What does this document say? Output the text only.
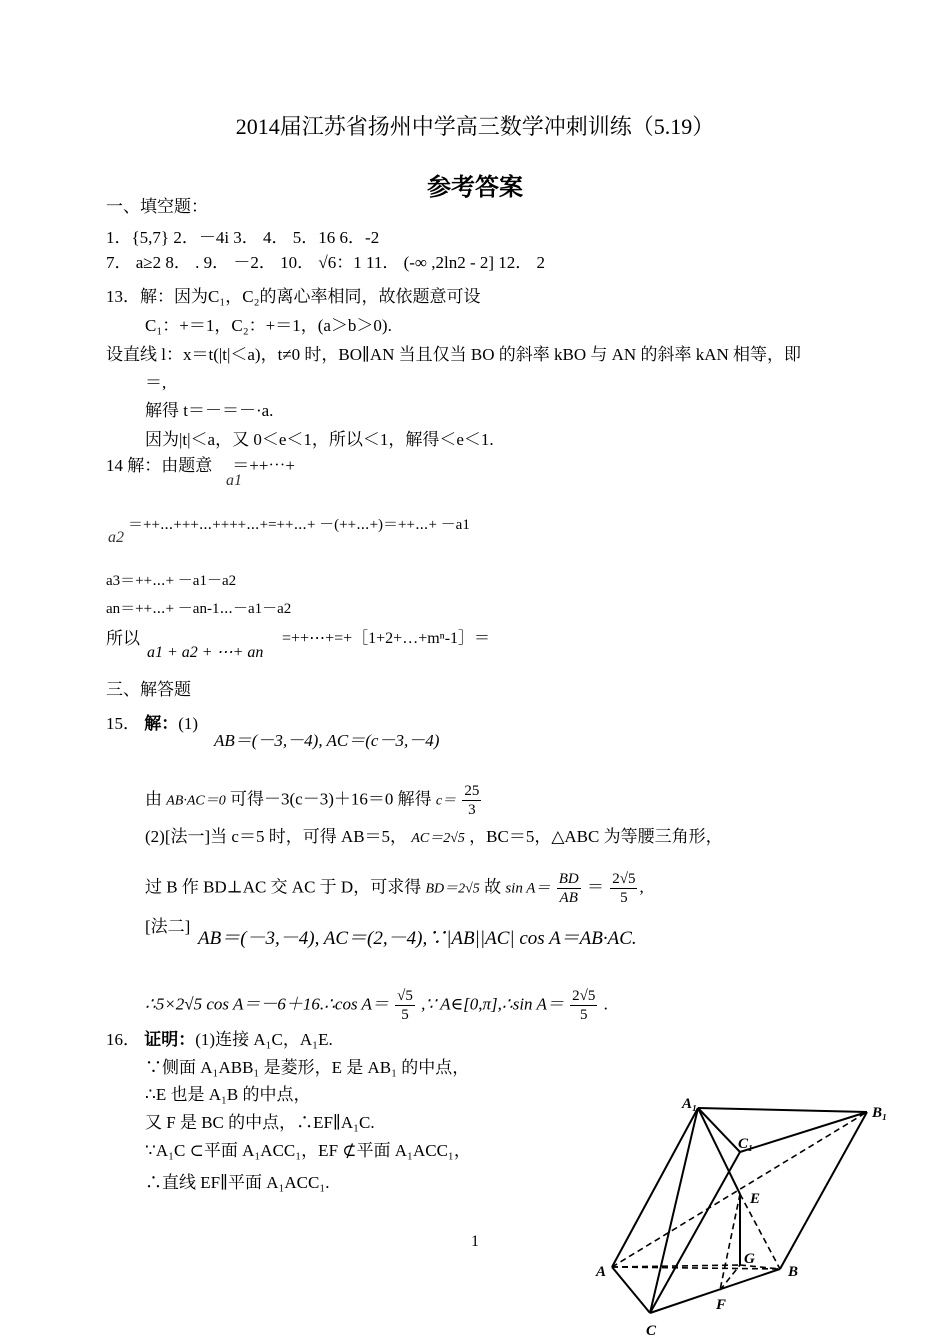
2014届江苏省扬州中学高三数学冲刺训练（5.19）
参考答案
一、填空题：
1．{5,7} 2．－4i 3． 4． 5．16 6．-2
7． a≥2 8． . 9． －2． 10． √6：1 11． (-∞ ,2ln2 - 2] 12． 2
13．解：因为C₁，C₂的离心率相同，故依题意可设
C₁：+＝1，C₂：+＝1，(a＞b＞0).
设直线 l：x＝t(|t|＜a)，t≠0 时，BO∥AN 当且仅当 BO 的斜率 kBO 与 AN 的斜率 kAN 相等，即
＝,
解得 t＝－＝－·a.
因为|t|＜a，又 0＜e＜1，所以＜1，解得＜e＜1.
14 解：由题意 ＝++⋯+
a1
＝++⋯+++⋯++++⋯+=++⋯+ －(++⋯+)＝++⋯+ －a1
a2
a3＝++⋯+ －a1－a2
an＝++⋯+ －an-1⋯－a1－a2
所以
a1 + a2 + ⋯+ an
=++⋯+=+［1+2+…+mⁿ-1］＝
三、解答题
15． 解：(1)
AB＝(－3,－4), AC＝(c－3,－4)
由 AB·AC＝0 可得－3(c－3)＋16＝0 解得 $c= \frac{25}{3}$
(2)[法一]当 c＝5 时，可得 AB＝5， AC＝2√5 ，BC＝5，△ABC 为等腰三角形，
过 B 作 BD⊥AC 交 AC 于 D，可求得 BD＝2√5 故 $\sin A= \frac{BD}{AB} = \frac{2√5}{5}$ ,
[法二]
AB＝(－3,－4), AC＝(2,－4),∵|AB||AC| cos A＝AB·AC.
∴5×2√5 cos A＝－6＋16.∴cos $A= \frac{√5}{5}$ ,∵ A∈[0,π],∴sin $A= \frac{2√5}{5}$ .
16． 证明：(1)连接 A₁C，A₁E.
∵侧面 A₁ABB₁ 是菱形，E 是 AB₁ 的中点，
∴E 也是 A₁B 的中点，
又 F 是 BC 的中点，∴EF∥A₁C.
∵A₁C ⊂平面 A₁ACC₁，EF ⊄平面 A₁ACC₁，
∴直线 EF∥平面 A₁ACC₁.
A₁
B₁
C₁
E
G
A	B
F
C
1
